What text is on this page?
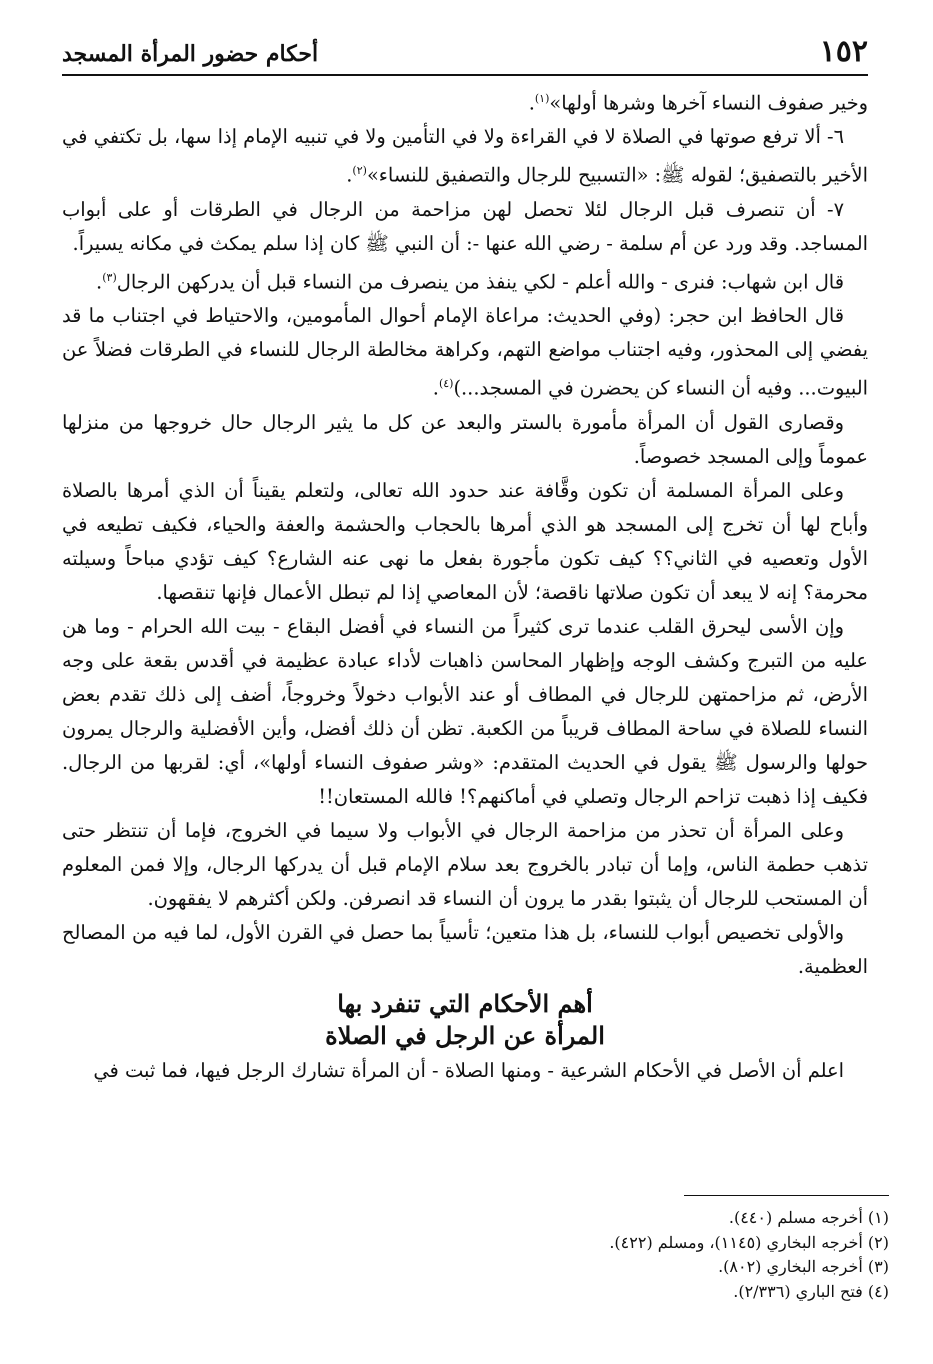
١٥٢
أحكام حضور المرأة المسجد

وخير صفوف النساء آخرها وشرها أولها»$^{(١)}$.

٦- ألا ترفع صوتها في الصلاة لا في القراءة ولا في التأمين ولا في تنبيه الإمام إذا سها، بل تكتفي في الأخير بالتصفيق؛ لقوله ﷺ: «التسبيح للرجال والتصفيق للنساء»$^{(٢)}$.

٧- أن تنصرف قبل الرجال لئلا تحصل لهن مزاحمة من الرجال في الطرقات أو على أبواب المساجد. وقد ورد عن أم سلمة - رضي الله عنها -: أن النبي ﷺ كان إذا سلم يمكث في مكانه يسيراً.

قال ابن شهاب: فنرى - والله أعلم - لكي ينفذ من ينصرف من النساء قبل أن يدركهن الرجال$^{(٣)}$.

قال الحافظ ابن حجر: (وفي الحديث: مراعاة الإمام أحوال المأمومين، والاحتياط في اجتناب ما قد يفضي إلى المحذور، وفيه اجتناب مواضع التهم، وكراهة مخالطة الرجال للنساء في الطرقات فضلاً عن البيوت... وفيه أن النساء كن يحضرن في المسجد...)$^{(٤)}$.

وقصارى القول أن المرأة مأمورة بالستر والبعد عن كل ما يثير الرجال حال خروجها من منزلها عموماً وإلى المسجد خصوصاً.

وعلى المرأة المسلمة أن تكون وقَّافة عند حدود الله تعالى، ولتعلم يقيناً أن الذي أمرها بالصلاة وأباح لها أن تخرج إلى المسجد هو الذي أمرها بالحجاب والحشمة والعفة والحياء، فكيف تطيعه في الأول وتعصيه في الثاني؟؟ كيف تكون مأجورة بفعل ما نهى عنه الشارع؟ كيف تؤدي مباحاً وسيلته محرمة؟ إنه لا يبعد أن تكون صلاتها ناقصة؛ لأن المعاصي إذا لم تبطل الأعمال فإنها تنقصها.

وإن الأسى ليحرق القلب عندما ترى كثيراً من النساء في أفضل البقاع - بيت الله الحرام - وما هن عليه من التبرج وكشف الوجه وإظهار المحاسن ذاهبات لأداء عبادة عظيمة في أقدس بقعة على وجه الأرض، ثم مزاحمتهن للرجال في المطاف أو عند الأبواب دخولاً وخروجاً، أضف إلى ذلك تقدم بعض النساء للصلاة في ساحة المطاف قريباً من الكعبة. تظن أن ذلك أفضل، وأين الأفضلية والرجال يمرون حولها والرسول ﷺ يقول في الحديث المتقدم: «وشر صفوف النساء أولها»، أي: لقربها من الرجال. فكيف إذا ذهبت تزاحم الرجال وتصلي في أماكنهم؟! فالله المستعان!!

وعلى المرأة أن تحذر من مزاحمة الرجال في الأبواب ولا سيما في الخروج، فإما أن تنتظر حتى تذهب حطمة الناس، وإما أن تبادر بالخروج بعد سلام الإمام قبل أن يدركها الرجال، وإلا فمن المعلوم أن المستحب للرجال أن يثبتوا بقدر ما يرون أن النساء قد انصرفن. ولكن أكثرهم لا يفقهون.

والأولى تخصيص أبواب للنساء، بل هذا متعين؛ تأسياً بما حصل في القرن الأول، لما فيه من المصالح العظمية.

أهم الأحكام التي تنفرد بها

المرأة عن الرجل في الصلاة

اعلم أن الأصل في الأحكام الشرعية - ومنها الصلاة - أن المرأة تشارك الرجل فيها، فما ثبت في

(١) أخرجه مسلم (٤٤٠).

(٢) أخرجه البخاري (١١٤٥)، ومسلم (٤٢٢).

(٣) أخرجه البخاري (٨٠٢).

(٤) فتح الباري (٢/٣٣٦).
